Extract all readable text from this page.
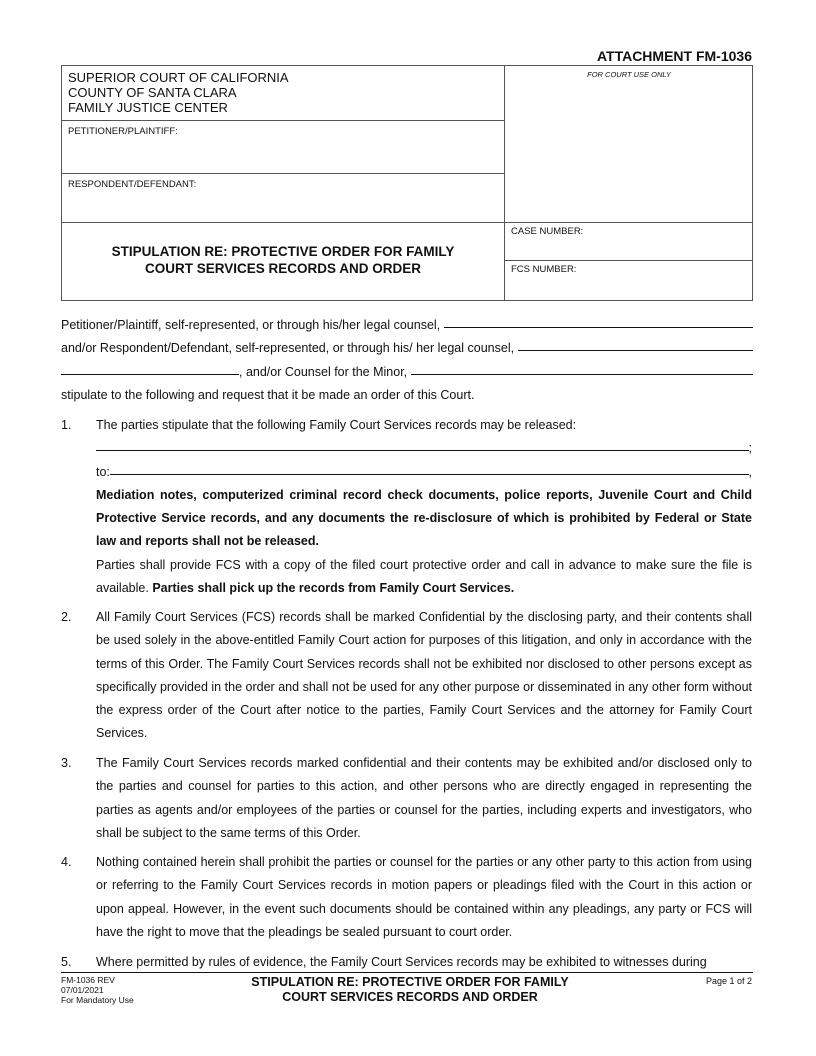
ATTACHMENT FM-1036
SUPERIOR COURT OF CALIFORNIA
COUNTY OF SANTA CLARA
FAMILY JUSTICE CENTER
PETITIONER/PLAINTIFF:
RESPONDENT/DEFENDANT:
STIPULATION RE: PROTECTIVE ORDER FOR FAMILY
COURT SERVICES RECORDS AND ORDER
FOR COURT USE ONLY
CASE NUMBER:
FCS NUMBER:
Petitioner/Plaintiff, self-represented, or through his/her legal counsel,

and/or Respondent/Defendant, self-represented, or through his/ her legal counsel,

, and/or Counsel for the Minor,

stipulate to the following and request that it be made an order of this Court.
1. The parties stipulate that the following Family Court Services records may be released:
;
to:	,
Mediation notes, computerized criminal record check documents, police reports, Juvenile Court and Child Protective Service records, and any documents the re-disclosure of which is prohibited by Federal or State law and reports shall not be released.
Parties shall provide FCS with a copy of the filed court protective order and call in advance to make sure the file is available. Parties shall pick up the records from Family Court Services.
2. All Family Court Services (FCS) records shall be marked Confidential by the disclosing party, and their contents shall be used solely in the above-entitled Family Court action for purposes of this litigation, and only in accordance with the terms of this Order. The Family Court Services records shall not be exhibited nor disclosed to other persons except as specifically provided in the order and shall not be used for any other purpose or disseminated in any other form without the express order of the Court after notice to the parties, Family Court Services and the attorney for Family Court Services.
3. The Family Court Services records marked confidential and their contents may be exhibited and/or disclosed only to the parties and counsel for parties to this action, and other persons who are directly engaged in representing the parties as agents and/or employees of the parties or counsel for the parties, including experts and investigators, who shall be subject to the same terms of this Order.
4. Nothing contained herein shall prohibit the parties or counsel for the parties or any other party to this action from using or referring to the Family Court Services records in motion papers or pleadings filed with the Court in this action or upon appeal. However, in the event such documents should be contained within any pleadings, any party or FCS will have the right to move that the pleadings be sealed pursuant to court order.
5. Where permitted by rules of evidence, the Family Court Services records may be exhibited to witnesses during
FM-1036 REV
07/01/2021
For Mandatory Use
STIPULATION RE: PROTECTIVE ORDER FOR FAMILY
COURT SERVICES RECORDS AND ORDER
Page 1 of 2
